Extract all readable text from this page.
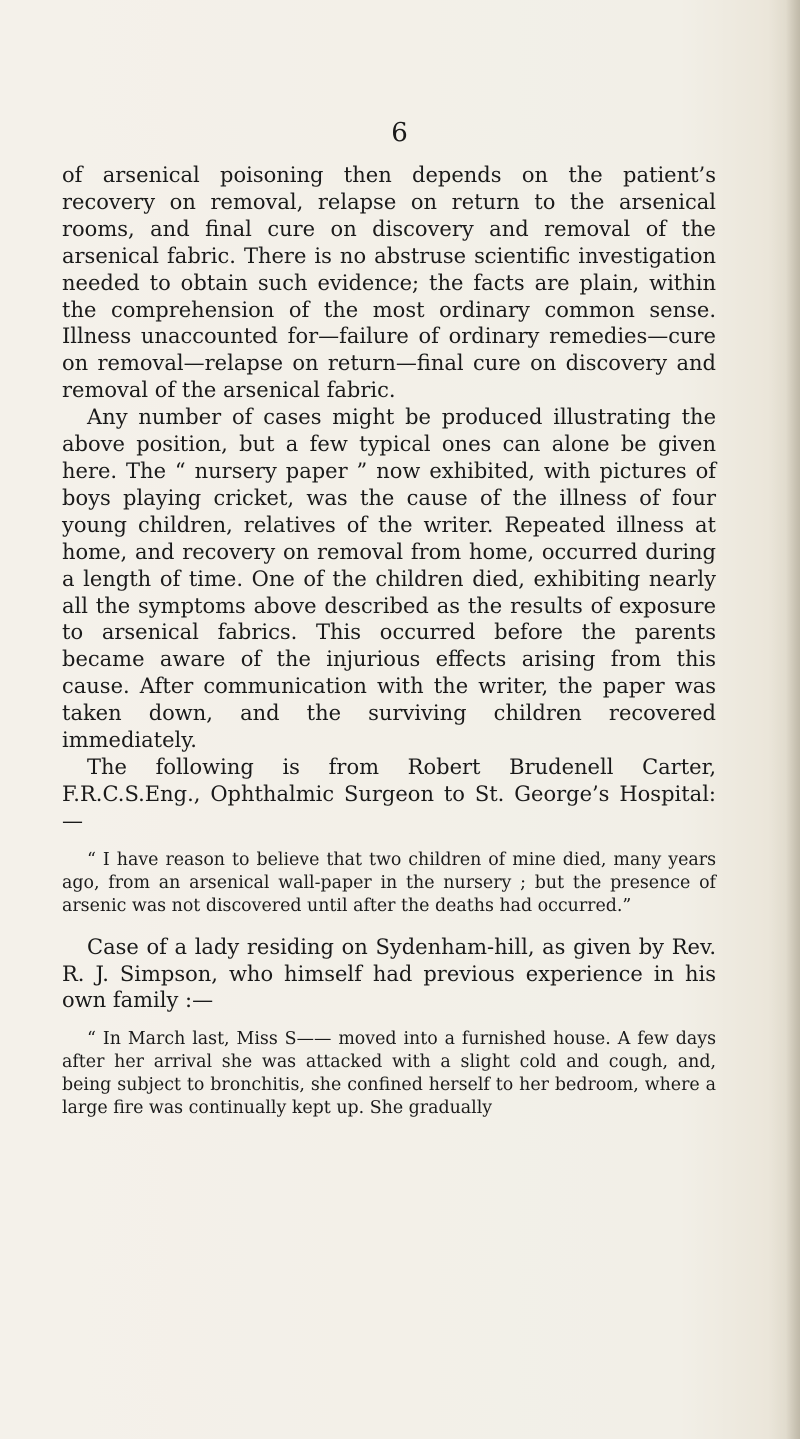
6

of arsenical poisoning then depends on the patient’s recovery on removal, relapse on return to the arsenical rooms, and final cure on discovery and removal of the arsenical fabric. There is no abstruse scientific investigation needed to obtain such evidence; the facts are plain, within the comprehension of the most ordinary common sense. Illness unaccounted for—failure of ordinary remedies—cure on removal—relapse on return—final cure on discovery and removal of the arsenical fabric.

Any number of cases might be produced illustrating the above position, but a few typical ones can alone be given here. The “ nursery paper ” now exhibited, with pictures of boys playing cricket, was the cause of the illness of four young children, relatives of the writer. Repeated illness at home, and recovery on removal from home, occurred during a length of time. One of the children died, exhibiting nearly all the symptoms above described as the results of exposure to arsenical fabrics. This occurred before the parents became aware of the injurious effects arising from this cause. After communication with the writer, the paper was taken down, and the surviving children recovered immediately.

The following is from Robert Brudenell Carter, F.R.C.S.Eng., Ophthalmic Surgeon to St. George’s Hospital:—

“ I have reason to believe that two children of mine died, many years ago, from an arsenical wall-paper in the nursery ; but the presence of arsenic was not discovered until after the deaths had occurred.”

Case of a lady residing on Sydenham-hill, as given by Rev. R. J. Simpson, who himself had previous experience in his own family :—

“ In March last, Miss S—— moved into a furnished house. A few days after her arrival she was attacked with a slight cold and cough, and, being subject to bronchitis, she confined herself to her bedroom, where a large fire was continually kept up. She gradually
